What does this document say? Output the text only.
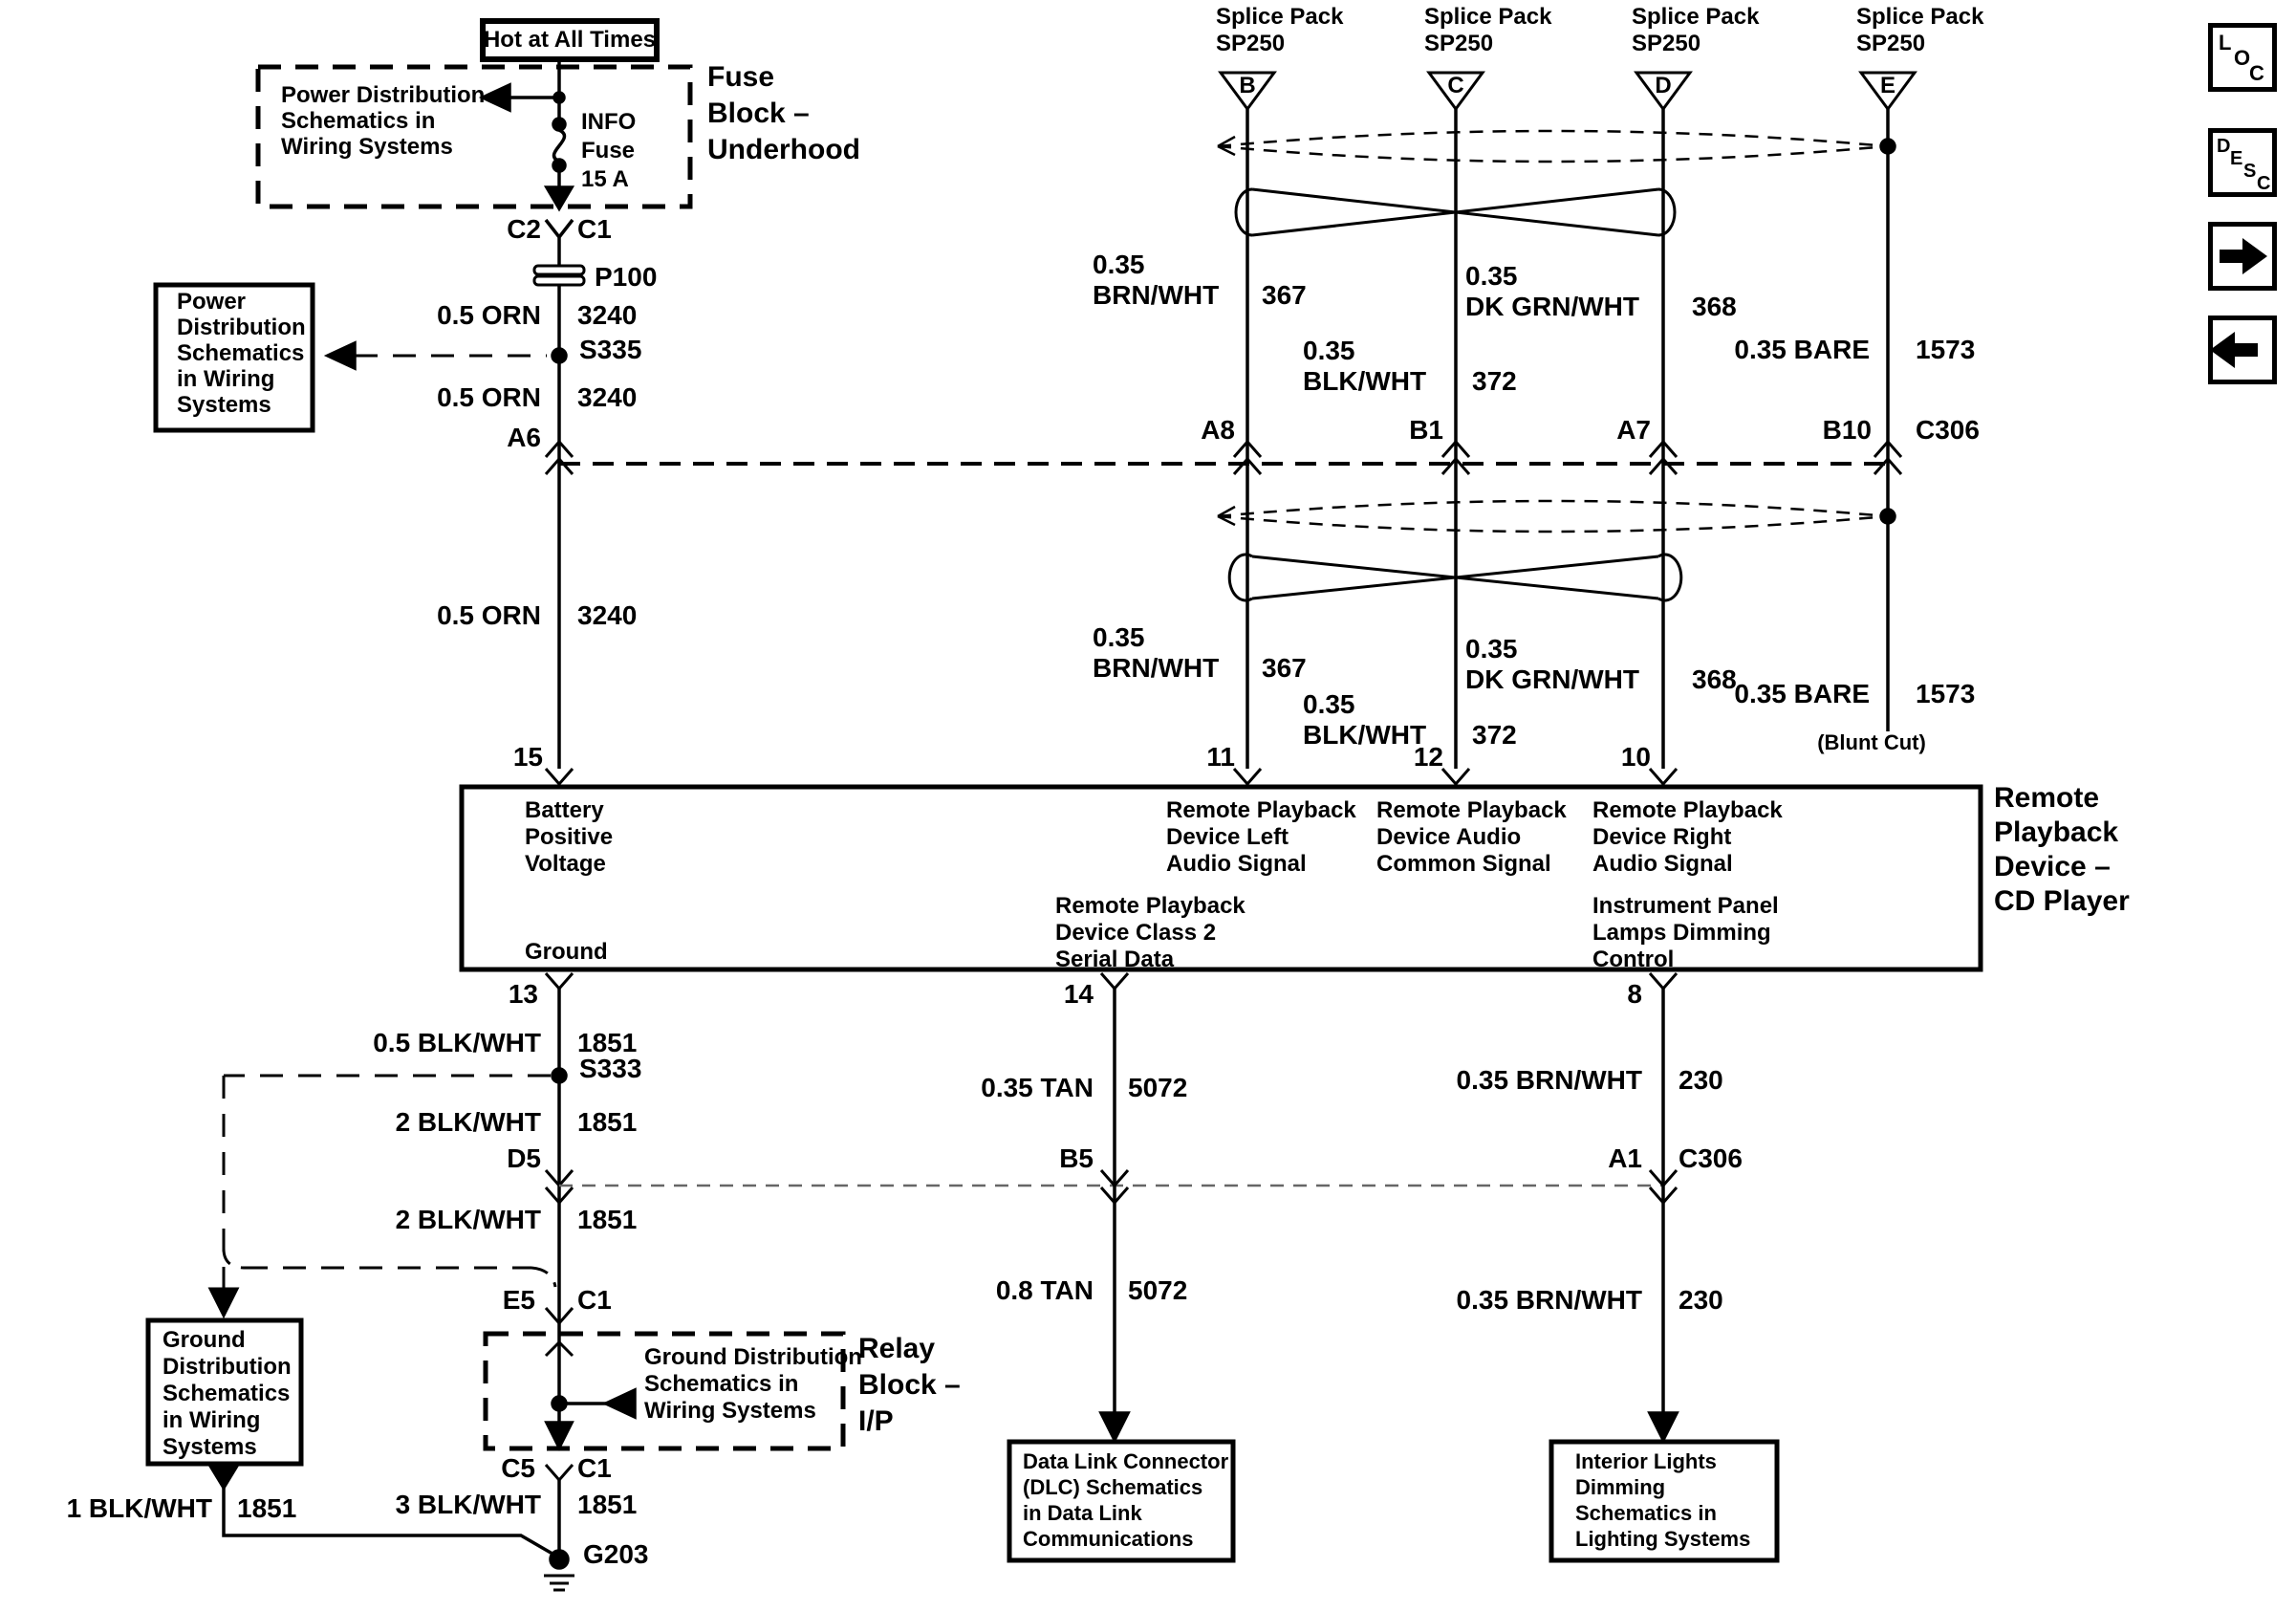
Hot at All Times
Power Distribution
Schematics in
Wiring Systems
INFO
Fuse
15 A
Fuse
Block –
Underhood
C2 C1
P100
0.5 ORN 3240
S335
Power
Distribution
Schematics
in Wiring
Systems	0.5 ORN 3240
A6
Splice Pack
SP250
B
Splice Pack
SP250
C
Splice Pack
SP250
D
Splice Pack
SP250
E
0.35
BRN/WHT 367
0.35
DK GRN/WHT 368
0.35
BLK/WHT 372
0.35 BARE 1573
A8	B1	A7	B10 C306
0.5 ORN 3240
0.35
BRN/WHT 367
0.35
DK GRN/WHT 368
0.35
BLK/WHT 372
0.35 BARE 1573
(Blunt Cut)
15	11	12	10
Battery
Positive
Voltage
Remote Playback
Device Left
Audio Signal
Remote Playback
Device Audio
Common Signal
Remote Playback
Device Right
Audio Signal
Remote Playback
Device Class 2
Serial Data
Instrument Panel
Lamps Dimming
Control
Ground
Remote
Playback
Device –
CD Player
13	14	8
0.5 BLK/WHT 1851
S333
2 BLK/WHT 1851
0.35 TAN 5072	0.35 BRN/WHT 230
D5	B5	A1 C306
2 BLK/WHT 1851
0.8 TAN 5072	0.35 BRN/WHT 230
E5 C1
Ground Distribution
Schematics in
Wiring Systems
Relay
Block –
I/P
C5 C1
3 BLK/WHT 1851
G203
Ground
Distribution
Schematics
in Wiring
Systems
1 BLK/WHT 1851
Data Link Connector
(DLC) Schematics
in Data Link
Communications
Interior Lights
Dimming
Schematics in
Lighting Systems
L
O
C
D
E
S
C
